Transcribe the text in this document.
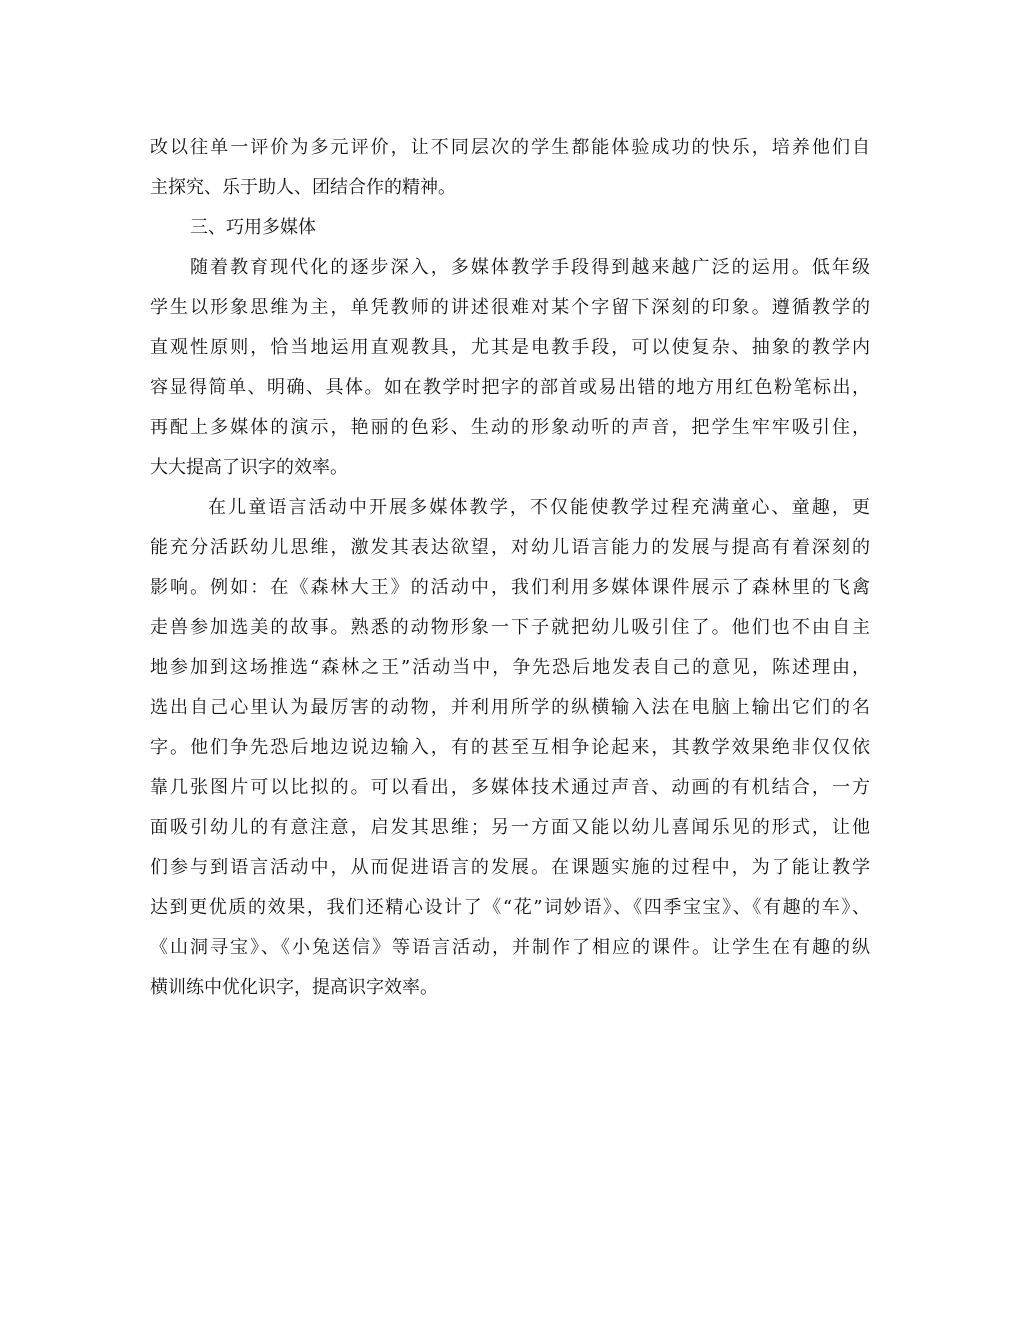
改以往单一评价为多元评价，让不同层次的学生都能体验成功的快乐，培养他们自
主探究、乐于助人、团结合作的精神。
三、巧用多媒体
随着教育现代化的逐步深入，多媒体教学手段得到越来越广泛的运用。低年级
学生以形象思维为主，单凭教师的讲述很难对某个字留下深刻的印象。遵循教学的
直观性原则，恰当地运用直观教具，尤其是电教手段，可以使复杂、抽象的教学内
容显得简单、明确、具体。如在教学时把字的部首或易出错的地方用红色粉笔标出，
再配上多媒体的演示，艳丽的色彩、生动的形象动听的声音，把学生牢牢吸引住，
大大提高了识字的效率。
在儿童语言活动中开展多媒体教学，不仅能使教学过程充满童心、童趣，更
能充分活跃幼儿思维，激发其表达欲望，对幼儿语言能力的发展与提高有着深刻的
影响。例如：在《森林大王》的活动中，我们利用多媒体课件展示了森林里的飞禽
走兽参加选美的故事。熟悉的动物形象一下子就把幼儿吸引住了。他们也不由自主
地参加到这场推选“森林之王”活动当中，争先恐后地发表自己的意见，陈述理由，
选出自己心里认为最厉害的动物，并利用所学的纵横输入法在电脑上输出它们的名
字。他们争先恐后地边说边输入，有的甚至互相争论起来，其教学效果绝非仅仅依
靠几张图片可以比拟的。可以看出，多媒体技术通过声音、动画的有机结合，一方
面吸引幼儿的有意注意，启发其思维；另一方面又能以幼儿喜闻乐见的形式，让他
们参与到语言活动中，从而促进语言的发展。在课题实施的过程中，为了能让教学
达到更优质的效果，我们还精心设计了《“花”词妙语》、《四季宝宝》、《有趣的车》、
《山洞寻宝》、《小兔送信》等语言活动，并制作了相应的课件。让学生在有趣的纵
横训练中优化识字，提高识字效率。
